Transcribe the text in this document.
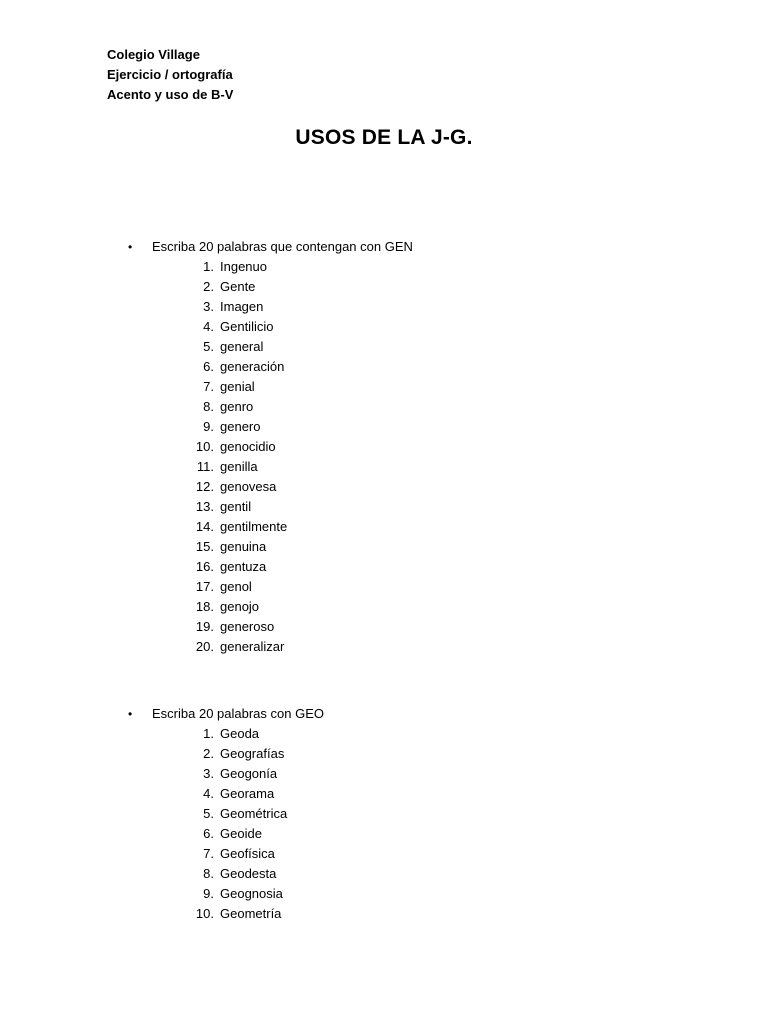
Colegio Village
Ejercicio / ortografía
Acento y uso de B-V
USOS DE LA J-G.
• Escriba 20 palabras que contengan con GEN
1. Ingenuo
2. Gente
3. Imagen
4. Gentilicio
5. general
6. generación
7. genial
8. genro
9. genero
10. genocidio
11. genilla
12. genovesa
13. gentil
14. gentilmente
15. genuina
16. gentuza
17. genol
18. genojo
19. generoso
20. generalizar
• Escriba 20 palabras con GEO
1. Geoda
2. Geografías
3. Geogonía
4. Georama
5. Geométrica
6. Geoide
7. Geofísica
8. Geodesta
9. Geognosia
10. Geometría
